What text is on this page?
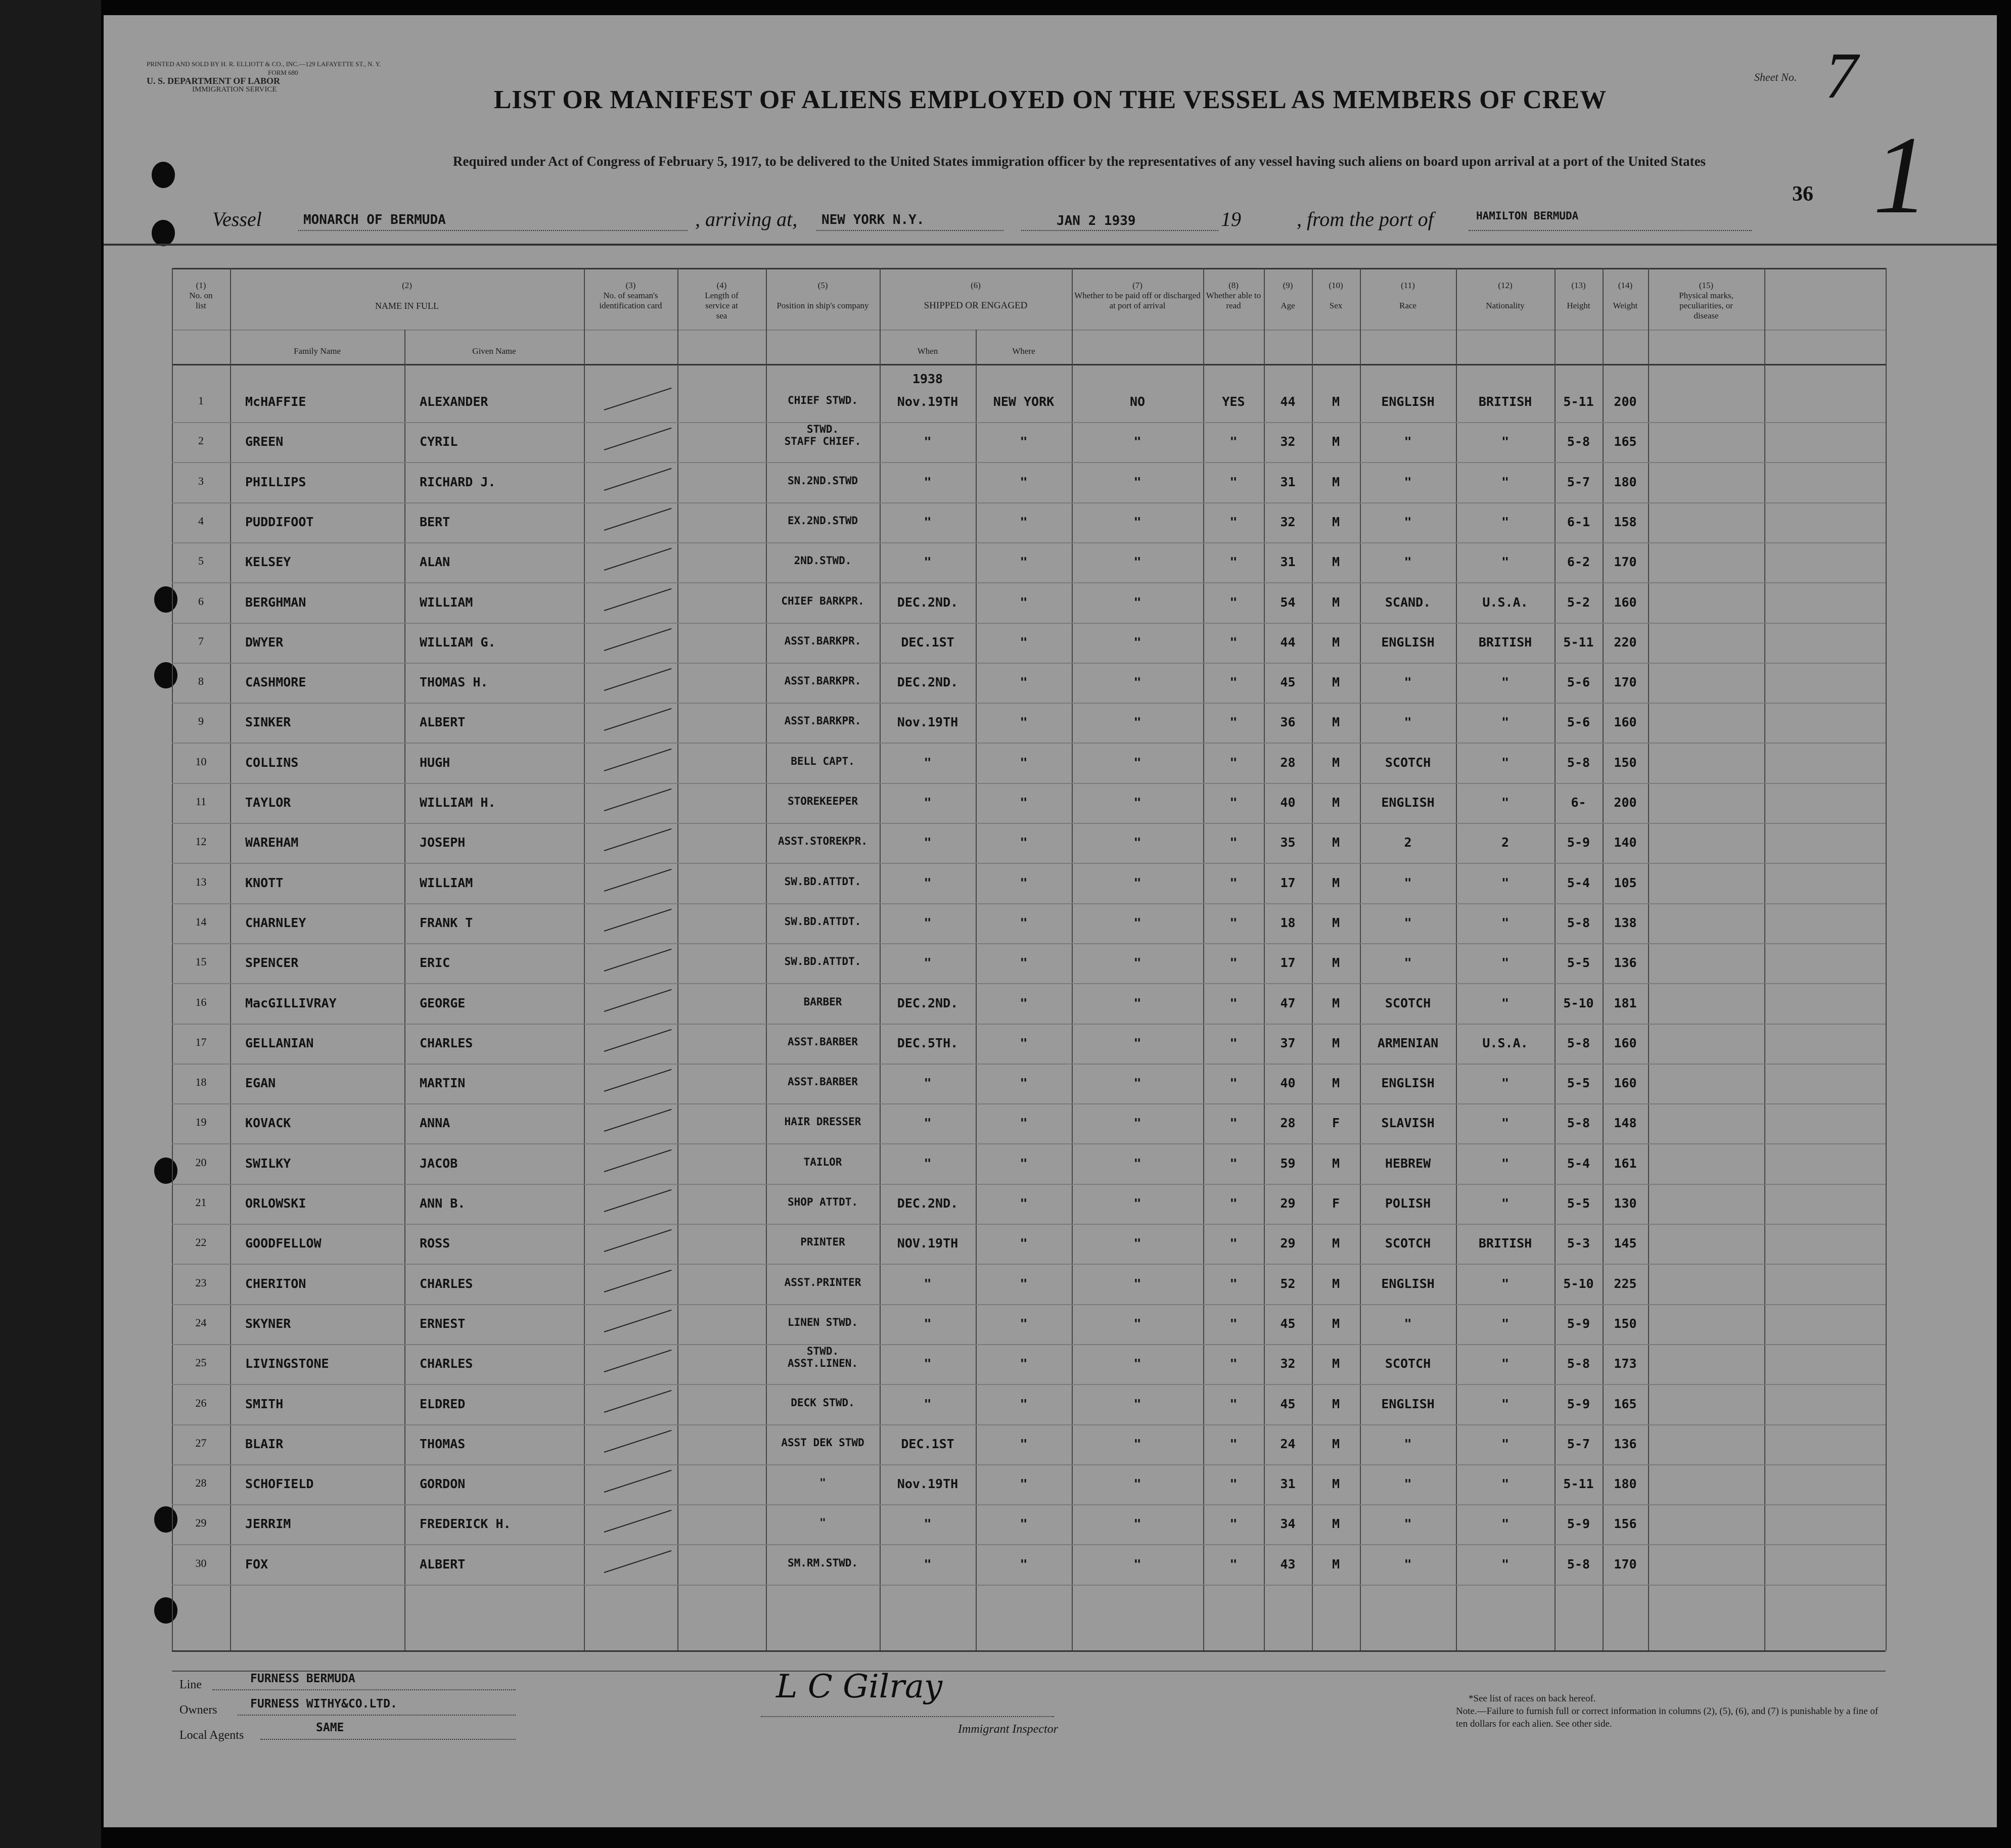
PRINTED AND SOLD BY H. R. ELLIOTT & CO., INC.—129 LAFAYETTE ST., N. Y.
FORM 680
U. S. DEPARTMENT OF LABOR
IMMIGRATION SERVICE	LIST OR MANIFEST OF ALIENS EMPLOYED ON THE VESSEL AS MEMBERS OF CREW
Required under Act of Congress of February 5, 1917, to be delivered to the United States immigration officer by the representatives of any vessel having such aliens on board upon arrival at a port of the United States
Sheet No. 7
1
36
Vessel	MONARCH OF BERMUDA	, arriving at, NEW YORK N.Y.	JAN 2 1939	19	, from the port of	HAMILTON BERMUDA
(1)
No. on list
(2)
NAME IN FULL
Family Name	Given Name
(3)
No. of seaman's identification card
(4)
Length of service at sea
(5)
Position in ship's company
(6)
SHIPPED OR ENGAGED
When	Where
(7)
Whether to be paid off or discharged at port of arrival
(8)
Whether able to read
(9)
Age
(10)
Sex
(11)
Race
(12)
Nationality
(13)
Height
(14)
Weight
(15)
Physical marks, peculiarities, or disease
1938
1	McHAFFIE	ALEXANDER	CHIEF STWD.	Nov.19TH	NEW YORK	NO	YES	44	M	ENGLISH	BRITISH	5-11	200
2	GREEN	CYRIL
STWD.
STAFF CHIEF.	"	"	"	"	32	M	"	"	5-8	165
3	PHILLIPS	RICHARD J.	SN.2ND.STWD	"	"	"	"	31	M	"	"	5-7	180
4	PUDDIFOOT	BERT	EX.2ND.STWD	"	"	"	"	32	M	"	"	6-1	158
5	KELSEY	ALAN	2ND.STWD.	"	"	"	"	31	M	"	"	6-2	170
6	BERGHMAN	WILLIAM	CHIEF BARKPR.	DEC.2ND.	"	"	"	54	M	SCAND.	U.S.A.	5-2	160
7	DWYER	WILLIAM G.	ASST.BARKPR.	DEC.1ST	"	"	"	44	M	ENGLISH	BRITISH	5-11	220
8	CASHMORE	THOMAS H.	ASST.BARKPR.	DEC.2ND.	"	"	"	45	M	"	"	5-6	170
9	SINKER	ALBERT	ASST.BARKPR.	Nov.19TH	"	"	"	36	M	"	"	5-6	160
10	COLLINS	HUGH	BELL CAPT.	"	"	"	"	28	M	SCOTCH	"	5-8	150
11	TAYLOR	WILLIAM H.	STOREKEEPER	"	"	"	"	40	M	ENGLISH	"	6-	200
12	WAREHAM	JOSEPH	ASST.STOREKPR.	"	"	"	"	35	M	2	2	5-9	140
13	KNOTT	WILLIAM	SW.BD.ATTDT.	"	"	"	"	17	M	"	"	5-4	105
14	CHARNLEY	FRANK T	SW.BD.ATTDT.	"	"	"	"	18	M	"	"	5-8	138
15	SPENCER	ERIC	SW.BD.ATTDT.	"	"	"	"	17	M	"	"	5-5	136
16	MacGILLIVRAY	GEORGE	BARBER	DEC.2ND.	"	"	"	47	M	SCOTCH	"	5-10	181
17	GELLANIAN	CHARLES	ASST.BARBER	DEC.5TH.	"	"	"	37	M	ARMENIAN	U.S.A.	5-8	160
18	EGAN	MARTIN	ASST.BARBER	"	"	"	"	40	M	ENGLISH	"	5-5	160
19	KOVACK	ANNA	HAIR DRESSER	"	"	"	"	28	F	SLAVISH	"	5-8	148
20	SWILKY	JACOB	TAILOR	"	"	"	"	59	M	HEBREW	"	5-4	161
21	ORLOWSKI	ANN B.	SHOP ATTDT.	DEC.2ND.	"	"	"	29	F	POLISH	"	5-5	130
22	GOODFELLOW	ROSS	PRINTER	NOV.19TH	"	"	"	29	M	SCOTCH	BRITISH	5-3	145
23	CHERITON	CHARLES	ASST.PRINTER	"	"	"	"	52	M	ENGLISH	"	5-10	225
24	SKYNER	ERNEST	LINEN STWD.	"	"	"	"	45	M	"	"	5-9	150
25	LIVINGSTONE	CHARLES
STWD.
ASST.LINEN.	"	"	"	"	32	M	SCOTCH	"	5-8	173
26	SMITH	ELDRED	DECK STWD.	"	"	"	"	45	M	ENGLISH	"	5-9	165
27	BLAIR	THOMAS	ASST DEK STWD	DEC.1ST	"	"	"	24	M	"	"	5-7	136
28	SCHOFIELD	GORDON	"	Nov.19TH	"	"	"	31	M	"	"	5-11	180
29	JERRIM	FREDERICK H.	"	"	"	"	"	34	M	"	"	5-9	156
30	FOX	ALBERT	SM.RM.STWD.	"	"	"	"	43	M	"	"	5-8	170
Line	FURNESS BERMUDA
Owners	FURNESS WITHY&CO.LTD.
Local Agents
SAME
L C Gilray
Immigrant Inspector
*See list of races on back hereof.
Note.—Failure to furnish full or correct information in columns (2), (5), (6), and (7) is punishable by a fine of ten dollars for each alien. See other side.
